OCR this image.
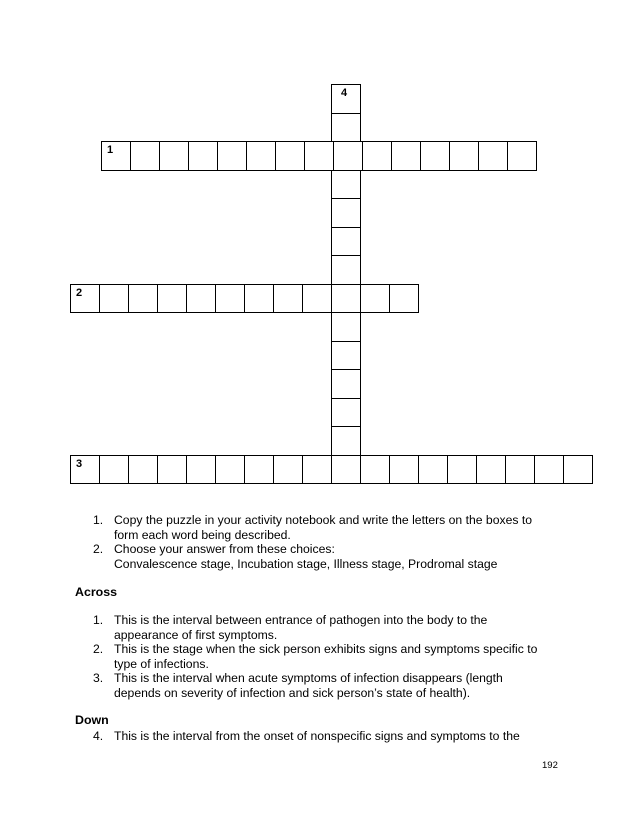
4
1
2
3
1. Copy the puzzle in your activity notebook and write the letters on the boxes to
form each word being described.
2. Choose your answer from these choices:
Convalescence stage, Incubation stage, Illness stage, Prodromal stage
Across
1. This is the interval between entrance of pathogen into the body to the
appearance of first symptoms.
2. This is the stage when the sick person exhibits signs and symptoms specific to
type of infections.
3. This is the interval when acute symptoms of infection disappears (length
depends on severity of infection and sick person’s state of health).
Down
4. This is the interval from the onset of nonspecific signs and symptoms to the
192
